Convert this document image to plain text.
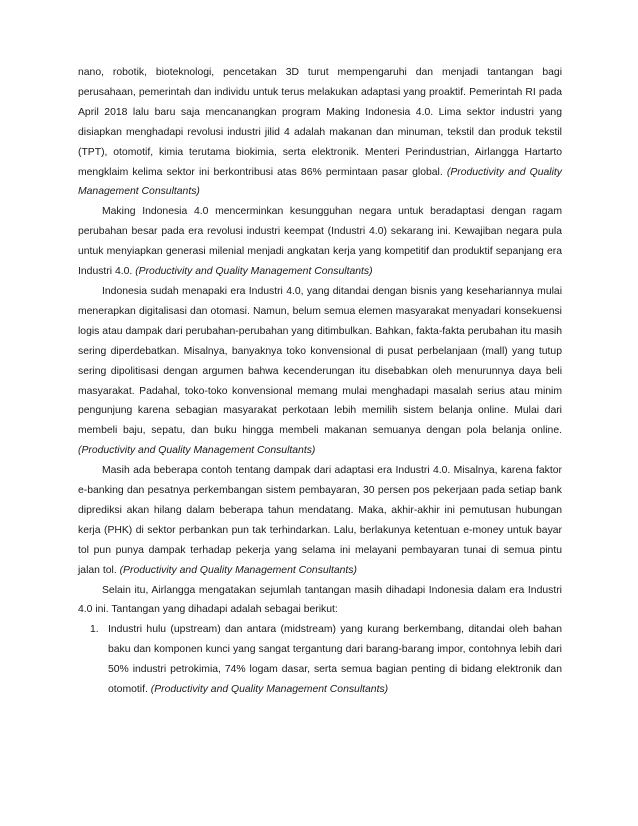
nano, robotik, bioteknologi, pencetakan 3D turut mempengaruhi dan menjadi tantangan bagi perusahaan, pemerintah dan individu untuk terus melakukan adaptasi yang proaktif. Pemerintah RI pada April 2018 lalu baru saja mencanangkan program Making Indonesia 4.0. Lima sektor industri yang disiapkan menghadapi revolusi industri jilid 4 adalah makanan dan minuman, tekstil dan produk tekstil (TPT), otomotif, kimia terutama biokimia, serta elektronik. Menteri Perindustrian, Airlangga Hartarto mengklaim kelima sektor ini berkontribusi atas 86% permintaan pasar global. (Productivity and Quality Management Consultants)

Making Indonesia 4.0 mencerminkan kesungguhan negara untuk beradaptasi dengan ragam perubahan besar pada era revolusi industri keempat (Industri 4.0) sekarang ini. Kewajiban negara pula untuk menyiapkan generasi milenial menjadi angkatan kerja yang kompetitif dan produktif sepanjang era Industri 4.0. (Productivity and Quality Management Consultants)

Indonesia sudah menapaki era Industri 4.0, yang ditandai dengan bisnis yang kesehariannya mulai menerapkan digitalisasi dan otomasi. Namun, belum semua elemen masyarakat menyadari konsekuensi logis atau dampak dari perubahan-perubahan yang ditimbulkan. Bahkan, fakta-fakta perubahan itu masih sering diperdebatkan. Misalnya, banyaknya toko konvensional di pusat perbelanjaan (mall) yang tutup sering dipolitisasi dengan argumen bahwa kecenderungan itu disebabkan oleh menurunnya daya beli masyarakat. Padahal, toko-toko konvensional memang mulai menghadapi masalah serius atau minim pengunjung karena sebagian masyarakat perkotaan lebih memilih sistem belanja online. Mulai dari membeli baju, sepatu, dan buku hingga membeli makanan semuanya dengan pola belanja online. (Productivity and Quality Management Consultants)

Masih ada beberapa contoh tentang dampak dari adaptasi era Industri 4.0. Misalnya, karena faktor e-banking dan pesatnya perkembangan sistem pembayaran, 30 persen pos pekerjaan pada setiap bank diprediksi akan hilang dalam beberapa tahun mendatang. Maka, akhir-akhir ini pemutusan hubungan kerja (PHK) di sektor perbankan pun tak terhindarkan. Lalu, berlakunya ketentuan e-money untuk bayar tol pun punya dampak terhadap pekerja yang selama ini melayani pembayaran tunai di semua pintu jalan tol. (Productivity and Quality Management Consultants)

Selain itu, Airlangga mengatakan sejumlah tantangan masih dihadapi Indonesia dalam era Industri 4.0 ini. Tantangan yang dihadapi adalah sebagai berikut:

1. Industri hulu (upstream) dan antara (midstream) yang kurang berkembang, ditandai oleh bahan baku dan komponen kunci yang sangat tergantung dari barang-barang impor, contohnya lebih dari 50% industri petrokimia, 74% logam dasar, serta semua bagian penting di bidang elektronik dan otomotif. (Productivity and Quality Management Consultants)
